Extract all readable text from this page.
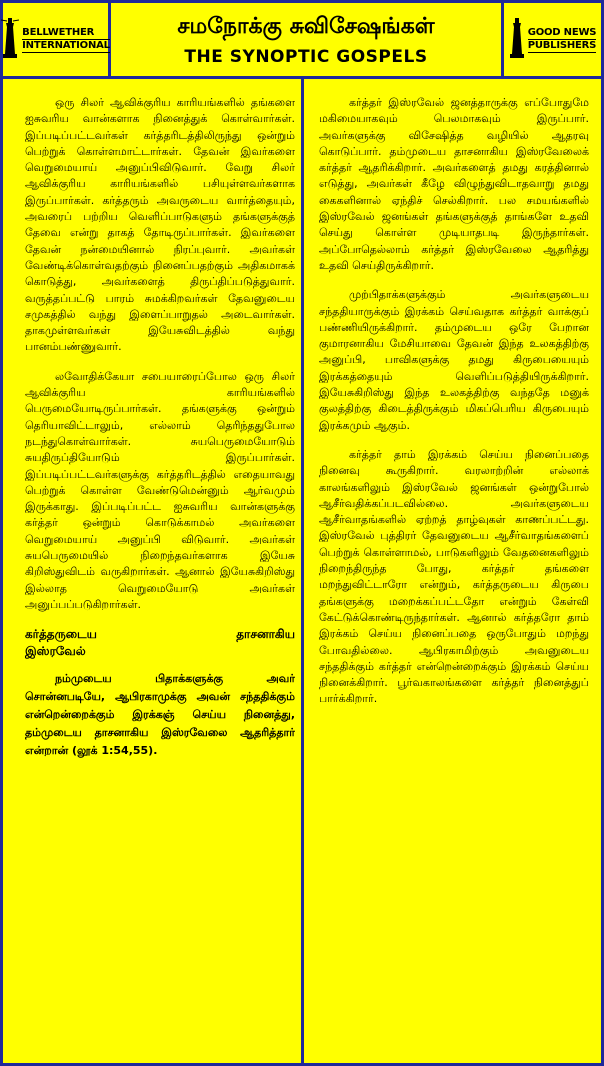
BELLWETHER
INTERNATIONAL
சமநோக்கு சுவிசேஷங்கள்
THE SYNOPTIC GOSPELS
GOOD NEWS
PUBLISHERS

ஒரு சிலர் ஆவிக்குரிய காரியங்களில் தங்களை ஐசுவரிய வான்களாக நினைத்துக் கொள்வார்கள். இப்படிப்பட்டவர்கள் கர்த்தரிடத்திலிருந்து ஒன்றும் பெற்றுக் கொள்ளமாட்டார்கள். தேவன் இவர்களை வெறுமையாய் அனுப்பிவிடுவார். வேறு சிலர் ஆவிக்குரிய காரியங்களில் பசியுள்ளவர்களாக இருப்பார்கள். கர்த்தரும் அவருடைய வார்த்தையும், அவரைப் பற்றிய வெளிப்பாடுகளும் தங்களுக்குத் தேவை என்று தாகத் தோடிருப்பார்கள். இவர்களை தேவன் நன்மையினால் நிரப்புவார். அவர்கள் வேண்டிக்கொள்வதற்கும் நினைப்பதற்கும் அதிகமாகக் கொடுத்து, அவர்களைத் திருப்திப்படுத்துவார். வருத்தப்பட்டு பாரம் சுமக்கிறவர்கள் தேவனுடைய சமுகத்தில் வந்து இளைப்பாறுதல் அடைவார்கள். தாகமுள்ளவர்கள் இயேசுவிடத்தில் வந்து பானம்பண்ணுவார்.

லவோதிக்கேயா சபையாரைப்போல ஒரு சிலர் ஆவிக்குரிய காரியங்களில் பெருமையோடிருப்பார்கள். தங்களுக்கு ஒன்றும் தெரியாவிட்டாலும், எல்லாம் தெரிந்ததுபோல நடந்துகொள்வார்கள். சுயபெருமையோடும் சுயதிருப்தியோடும் இருப்பார்கள். இப்படிப்பட்டவர்களுக்கு கர்த்தரிடத்தில் எதையாவது பெற்றுக் கொள்ள வேண்டுமென்னும் ஆர்வமும் இருக்காது. இப்படிப்பட்ட ஐசுவரிய வான்களுக்கு கர்த்தர் ஒன்றும் கொடுக்காமல் அவர்களை வெறுமையாய் அனுப்பி விடுவார். அவர்கள் சுயபெருமையில் நிறைந்தவர்களாக இயேசு கிறிஸ்துவிடம் வருகிறார்கள். ஆனால் இயேசுகிறிஸ்து இல்லாத வெறுமையோடு அவர்கள் அனுப்பப்படுகிறார்கள்.

கர்த்தருடைய தாசனாகிய
இஸ்ரவேல்

நம்முடைய பிதாக்களுக்கு அவர் சொன்னபடியே, ஆபிரகாமுக்கு அவன் சந்ததிக்கும் என்றென்றைக்கும் இரக்கஞ் செய்ய நினைத்து, தம்முடைய தாசனாகிய இஸ்ரவேலை ஆதரித்தார் என்றான் (லூக் 1:54,55).

கர்த்தர் இஸ்ரவேல் ஜனத்தாருக்கு எப்போதுமே மகிமையாகவும் பெலமாகவும் இருப்பார். அவர்களுக்கு விசேஷித்த வழியில் ஆதரவு கொடுப்பார். தம்முடைய தாசனாகிய இஸ்ரவேலைக் கர்த்தர் ஆதரிக்கிறார். அவர்களைத் தமது கரத்தினால் எடுத்து, அவர்கள் கீழே விழுந்துவிடாதவாறு தமது கைகளினால் ஏந்திச் செல்கிறார். பல சமயங்களில் இஸ்ரவேல் ஜனங்கள் தங்களுக்குத் தாங்களே உதவி செய்து கொள்ள முடியாதபடி இருந்தார்கள். அப்போதெல்லாம் கர்த்தர் இஸ்ரவேலை ஆதரித்து உதவி செய்திருக்கிறார்.

முற்பிதாக்களுக்கும் அவர்களுடைய சந்ததியாருக்கும் இரக்கம் செய்வதாக கர்த்தர் வாக்குப் பண்ணியிருக்கிறார். தம்முடைய ஒரே பேறான குமாரனாகிய மேசியாவை தேவன் இந்த உலகத்திற்கு அனுப்பி, பாவிகளுக்கு தமது கிருபையையும் இரக்கத்தையும் வெளிப்படுத்தியிருக்கிறார். இயேசுகிறிஸ்து இந்த உலகத்திற்கு வந்ததே மனுக் குலத்திற்கு கிடைத்திருக்கும் மிகப்பெரிய கிருபையும் இரக்கமும் ஆகும்.

கர்த்தர் தாம் இரக்கம் செய்ய நினைப்பதை நினைவு கூருகிறார். வரலாற்றின் எல்லாக் காலங்களிலும் இஸ்ரவேல் ஜனங்கள் ஒன்றுபோல் ஆசீர்வதிக்கப்படவில்லை. அவர்களுடைய ஆசீர்வாதங்களில் ஏற்றத் தாழ்வுகள் காணப்பட்டது. இஸ்ரவேல் புத்திரர் தேவனுடைய ஆசீர்வாதங்களைப் பெற்றுக் கொள்ளாமல், பாடுகளிலும் வேதனைகளிலும் நிறைந்திருந்த போது, கர்த்தர் தங்களை மறந்துவிட்டாரோ என்றும், கர்த்தருடைய கிருபை தங்களுக்கு மறைக்கப்பட்டதோ என்றும் கேள்வி கேட்டுக்கொண்டிருந்தார்கள். ஆனால் கர்த்தரோ தாம் இரக்கம் செய்ய நினைப்பதை ஒருபோதும் மறந்து போவதில்லை. ஆபிரகாமிற்கும் அவனுடைய சந்ததிக்கும் கர்த்தர் என்றென்றைக்கும் இரக்கம் செய்ய நினைக்கிறார். பூர்வகாலங்களை கர்த்தர் நினைத்துப் பார்க்கிறார்.
